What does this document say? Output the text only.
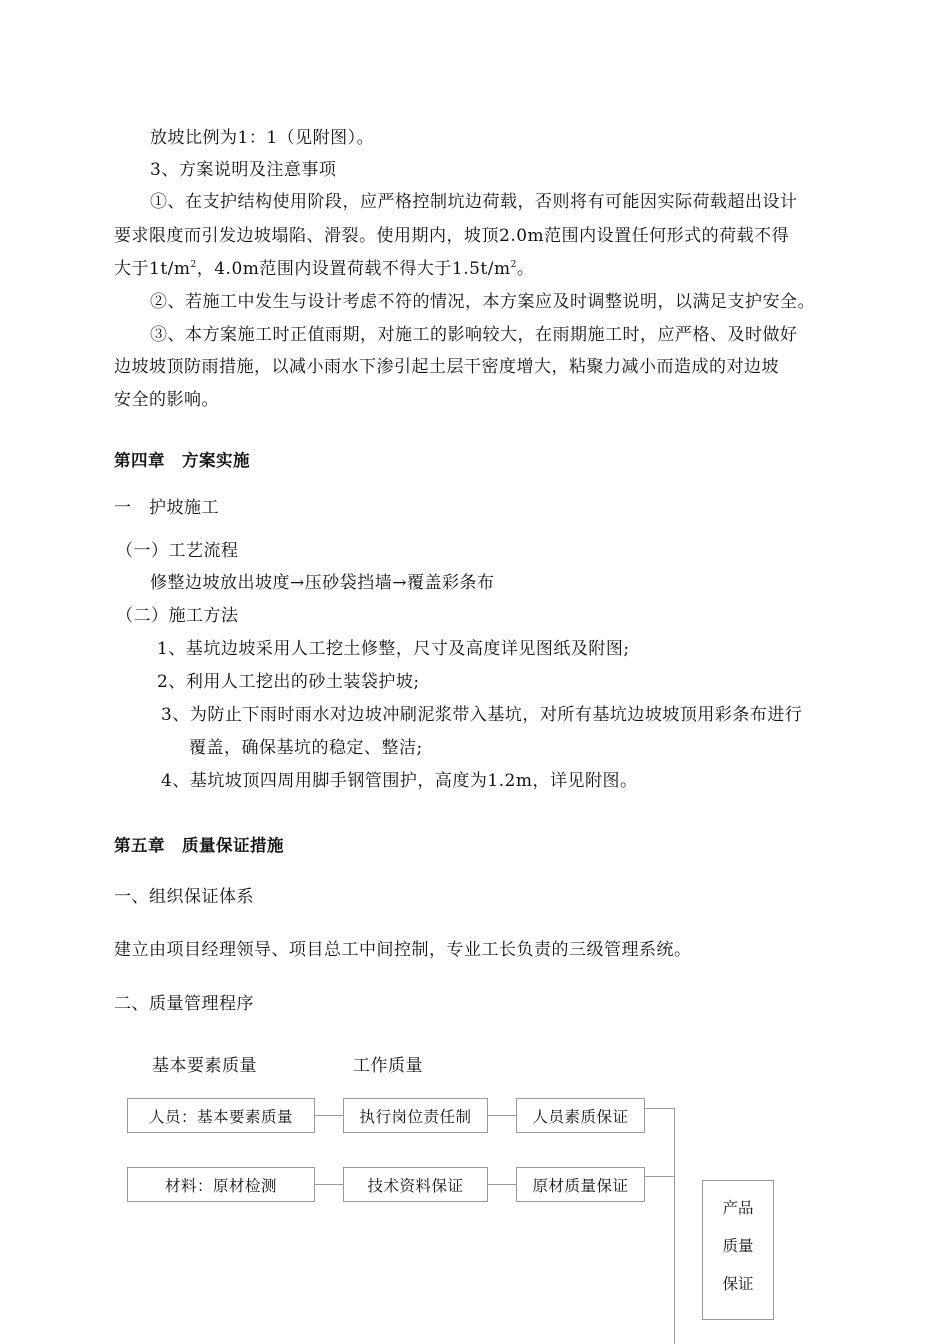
放坡比例为1：1（见附图）。
3、方案说明及注意事项
①、在支护结构使用阶段，应严格控制坑边荷载，否则将有可能因实际荷载超出设计
要求限度而引发边坡塌陷、滑裂。使用期内，坡顶2.0m范围内设置任何形式的荷载不得
大于$1t/m^2$，4.0m范围内设置荷载不得大于$1.5t/m^2$。
②、若施工中发生与设计考虑不符的情况，本方案应及时调整说明，以满足支护安全。
③、本方案施工时正值雨期，对施工的影响较大，在雨期施工时，应严格、及时做好
边坡坡顶防雨措施，以减小雨水下渗引起土层干密度增大，粘聚力减小而造成的对边坡
安全的影响。
第四章　方案实施
一　护坡施工
（一）工艺流程
修整边坡放出坡度→压砂袋挡墙→覆盖彩条布
（二）施工方法
1、基坑边坡采用人工挖土修整，尺寸及高度详见图纸及附图;
2、利用人工挖出的砂土装袋护坡;
3、为防止下雨时雨水对边坡冲刷泥浆带入基坑，对所有基坑边坡坡顶用彩条布进行
覆盖，确保基坑的稳定、整洁;
4、基坑坡顶四周用脚手钢管围护，高度为1.2m，详见附图。
第五章　质量保证措施
一、组织保证体系
建立由项目经理领导、项目总工中间控制，专业工长负责的三级管理系统。
二、质量管理程序
基本要素质量	工作质量
人员：基本要素质量	执行岗位责任制	人员素质保证
材料：原材检测	技术资料保证	原材质量保证
产品
质量
保证
